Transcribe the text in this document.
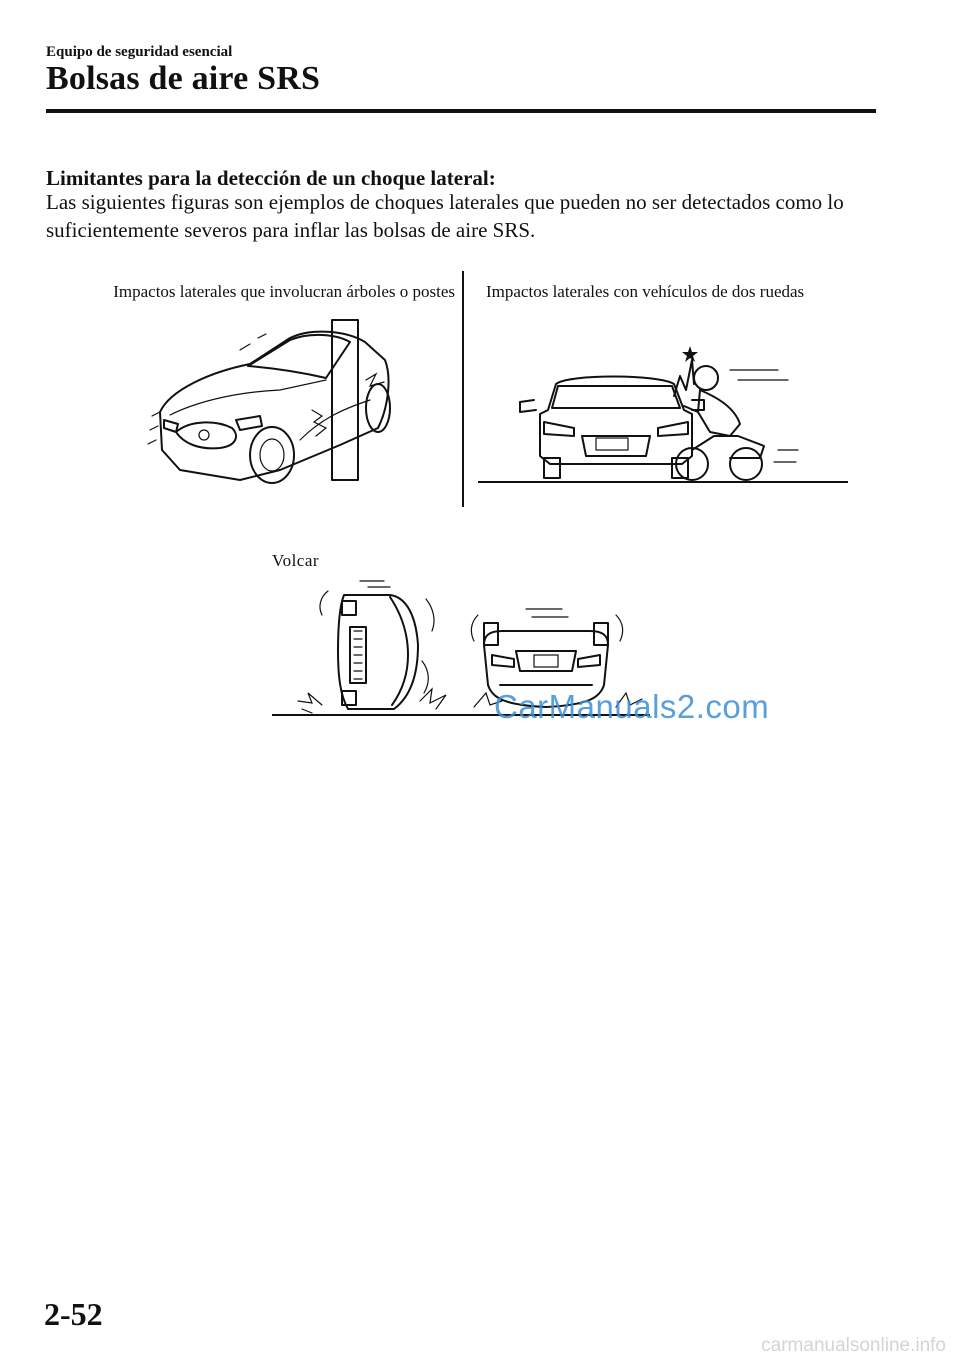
Equipo de seguridad esencial
Bolsas de aire SRS
Limitantes para la detección de un choque lateral:
Las siguientes figuras son ejemplos de choques laterales que pueden no ser detectados como lo suficientemente severos para inflar las bolsas de aire SRS.
Impactos laterales que involucran árboles o postes Impactos laterales con vehículos de dos ruedas
Volcar
CarManuals2.com
2-52
carmanualsonline.info
